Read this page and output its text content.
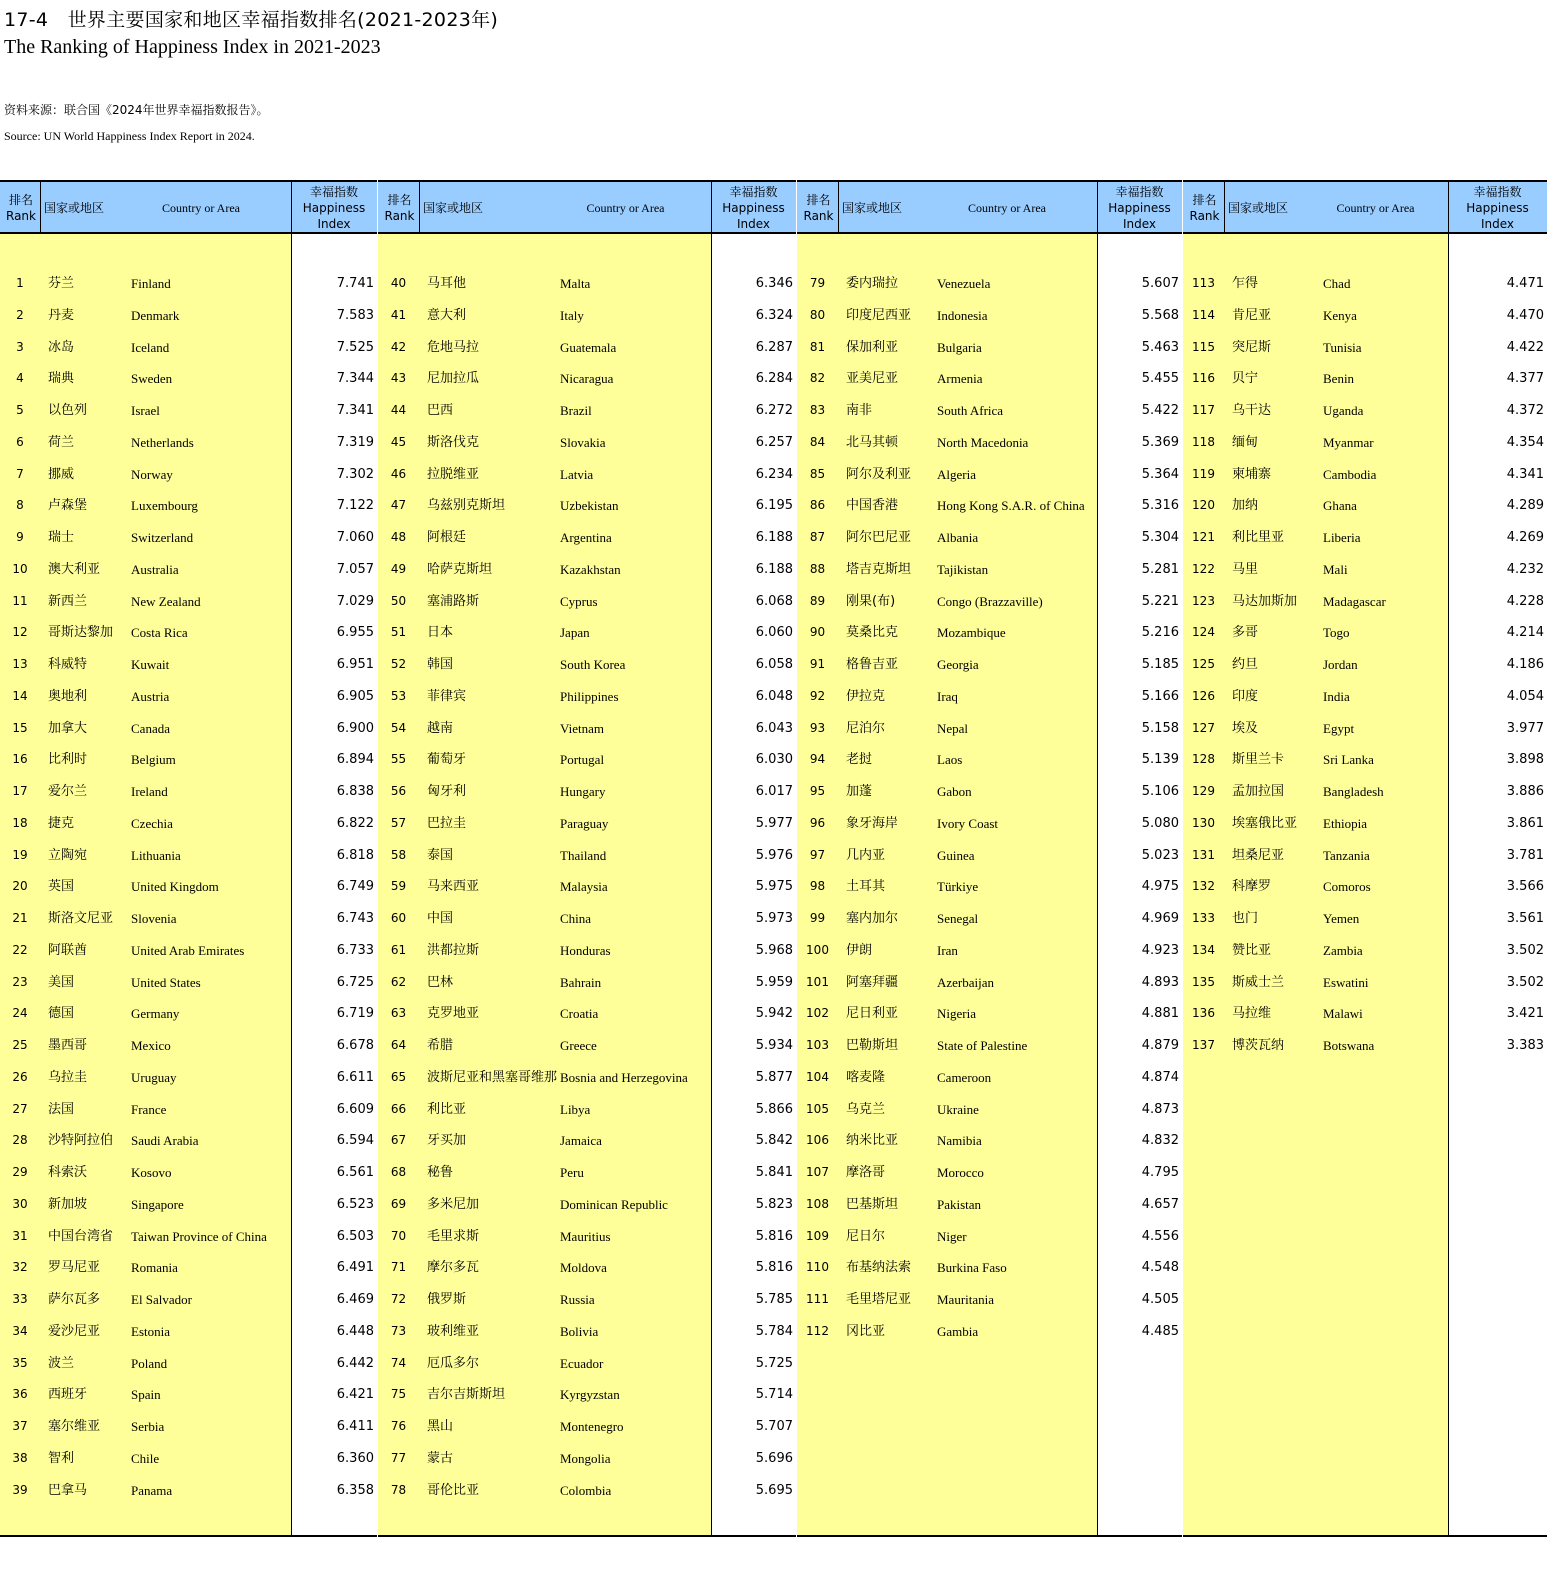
17-4　世界主要国家和地区幸福指数排名(2021-2023年)
The Ranking of Happiness Index in 2021-2023
资料来源：联合国《2024年世界幸福指数报告》。
Source: UN World Happiness Index Report in 2024.
排名
Rank
国家或地区	Country or Area
幸福指数
Happiness
Index
1	芬兰	Finland	7.741
2	丹麦	Denmark	7.583
3	冰岛	Iceland	7.525
4	瑞典	Sweden	7.344
5	以色列	Israel	7.341
6	荷兰	Netherlands	7.319
7	挪威	Norway	7.302
8	卢森堡	Luxembourg	7.122
9	瑞士	Switzerland	7.060
10	澳大利亚	Australia	7.057
11	新西兰	New Zealand	7.029
12	哥斯达黎加	Costa Rica	6.955
13	科威特	Kuwait	6.951
14	奥地利	Austria	6.905
15	加拿大	Canada	6.900
16	比利时	Belgium	6.894
17	爱尔兰	Ireland	6.838
18	捷克	Czechia	6.822
19	立陶宛	Lithuania	6.818
20	英国	United Kingdom	6.749
21	斯洛文尼亚	Slovenia	6.743
22	阿联酋	United Arab Emirates	6.733
23	美国	United States	6.725
24	德国	Germany	6.719
25	墨西哥	Mexico	6.678
26	乌拉圭	Uruguay	6.611
27	法国	France	6.609
28	沙特阿拉伯	Saudi Arabia	6.594
29	科索沃	Kosovo	6.561
30	新加坡	Singapore	6.523
31	中国台湾省	Taiwan Province of China	6.503
32	罗马尼亚	Romania	6.491
33	萨尔瓦多	El Salvador	6.469
34	爱沙尼亚	Estonia	6.448
35	波兰	Poland	6.442
36	西班牙	Spain	6.421
37	塞尔维亚	Serbia	6.411
38	智利	Chile	6.360
39	巴拿马	Panama	6.358
排名
Rank
国家或地区	Country or Area
幸福指数
Happiness
Index
40	马耳他	Malta	6.346
41	意大利	Italy	6.324
42	危地马拉	Guatemala	6.287
43	尼加拉瓜	Nicaragua	6.284
44	巴西	Brazil	6.272
45	斯洛伐克	Slovakia	6.257
46	拉脱维亚	Latvia	6.234
47	乌兹别克斯坦	Uzbekistan	6.195
48	阿根廷	Argentina	6.188
49	哈萨克斯坦	Kazakhstan	6.188
50	塞浦路斯	Cyprus	6.068
51	日本	Japan	6.060
52	韩国	South Korea	6.058
53	菲律宾	Philippines	6.048
54	越南	Vietnam	6.043
55	葡萄牙	Portugal	6.030
56	匈牙利	Hungary	6.017
57	巴拉圭	Paraguay	5.977
58	泰国	Thailand	5.976
59	马来西亚	Malaysia	5.975
60	中国	China	5.973
61	洪都拉斯	Honduras	5.968
62	巴林	Bahrain	5.959
63	克罗地亚	Croatia	5.942
64	希腊	Greece	5.934
65	波斯尼亚和黑塞哥维那 Bosnia and Herzegovina	5.877
66	利比亚	Libya	5.866
67	牙买加	Jamaica	5.842
68	秘鲁	Peru	5.841
69	多米尼加	Dominican Republic	5.823
70	毛里求斯	Mauritius	5.816
71	摩尔多瓦	Moldova	5.816
72	俄罗斯	Russia	5.785
73	玻利维亚	Bolivia	5.784
74	厄瓜多尔	Ecuador	5.725
75	吉尔吉斯斯坦	Kyrgyzstan	5.714
76	黑山	Montenegro	5.707
77	蒙古	Mongolia	5.696
78	哥伦比亚	Colombia	5.695
排名
Rank
国家或地区	Country or Area
幸福指数
Happiness
Index
79	委内瑞拉	Venezuela	5.607
80	印度尼西亚	Indonesia	5.568
81	保加利亚	Bulgaria	5.463
82	亚美尼亚	Armenia	5.455
83	南非	South Africa	5.422
84	北马其顿	North Macedonia	5.369
85	阿尔及利亚	Algeria	5.364
86	中国香港	Hong Kong S.A.R. of China	5.316
87	阿尔巴尼亚	Albania	5.304
88	塔吉克斯坦	Tajikistan	5.281
89	刚果(布)	Congo (Brazzaville)	5.221
90	莫桑比克	Mozambique	5.216
91	格鲁吉亚	Georgia	5.185
92	伊拉克	Iraq	5.166
93	尼泊尔	Nepal	5.158
94	老挝	Laos	5.139
95	加蓬	Gabon	5.106
96	象牙海岸	Ivory Coast	5.080
97	几内亚	Guinea	5.023
98	土耳其	Türkiye	4.975
99	塞内加尔	Senegal	4.969
100	伊朗	Iran	4.923
101	阿塞拜疆	Azerbaijan	4.893
102	尼日利亚	Nigeria	4.881
103	巴勒斯坦	State of Palestine	4.879
104	喀麦隆	Cameroon	4.874
105	乌克兰	Ukraine	4.873
106	纳米比亚	Namibia	4.832
107	摩洛哥	Morocco	4.795
108	巴基斯坦	Pakistan	4.657
109	尼日尔	Niger	4.556
110	布基纳法索	Burkina Faso	4.548
111	毛里塔尼亚	Mauritania	4.505
112	冈比亚	Gambia	4.485
排名
Rank
国家或地区	Country or Area
幸福指数
Happiness
Index
113	乍得	Chad	4.471
114	肯尼亚	Kenya	4.470
115	突尼斯	Tunisia	4.422
116	贝宁	Benin	4.377
117	乌干达	Uganda	4.372
118	缅甸	Myanmar	4.354
119	柬埔寨	Cambodia	4.341
120	加纳	Ghana	4.289
121	利比里亚	Liberia	4.269
122	马里	Mali	4.232
123	马达加斯加	Madagascar	4.228
124	多哥	Togo	4.214
125	约旦	Jordan	4.186
126	印度	India	4.054
127	埃及	Egypt	3.977
128	斯里兰卡	Sri Lanka	3.898
129	孟加拉国	Bangladesh	3.886
130	埃塞俄比亚	Ethiopia	3.861
131	坦桑尼亚	Tanzania	3.781
132	科摩罗	Comoros	3.566
133	也门	Yemen	3.561
134	赞比亚	Zambia	3.502
135	斯威士兰	Eswatini	3.502
136	马拉维	Malawi	3.421
137	博茨瓦纳	Botswana	3.383
